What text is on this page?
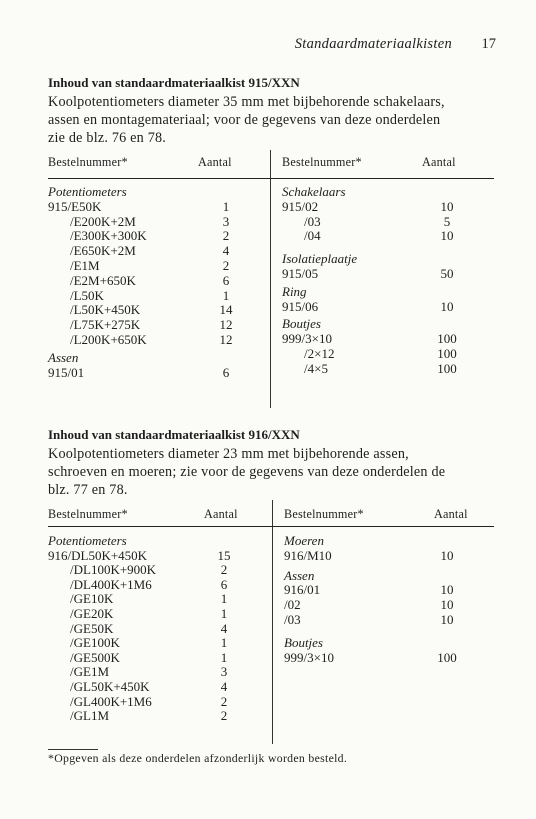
Standaardmateriaalkisten 17
Inhoud van standaardmateriaalkist 915/XXN

Koolpotentiometers diameter 35 mm met bijbehorende schakelaars,
assen en montagemateriaal; voor de gegevens van deze onderdelen
zie de blz. 76 en 78.

Bestelnummer*	Aantal	Bestelnummer*	Aantal
Potentiometers
915/E50K	1
/E200K+2M	3
/E300K+300K	2
/E650K+2M	4
/E1M	2
/E2M+650K	6
/L50K	1
/L50K+450K	14
/L75K+275K	12
/L200K+650K	12
Assen
915/01	6
Schakelaars
915/02	10
/03	5
/04	10
Isolatieplaatje
915/05	50
Ring
915/06	10
Boutjes
999/3×10	100
/2×12	100
/4×5	100
Inhoud van standaardmateriaalkist 916/XXN

Koolpotentiometers diameter 23 mm met bijbehorende assen,
schroeven en moeren; zie voor de gegevens van deze onderdelen de
blz. 77 en 78.

Bestelnummer*	Aantal	Bestelnummer*	Aantal
Potentiometers
916/DL50K+450K	15
/DL100K+900K	2
/DL400K+1M6	6
/GE10K	1
/GE20K	1
/GE50K	4
/GE100K	1
/GE500K	1
/GE1M	3
/GL50K+450K	4
/GL400K+1M6	2
/GL1M	2
Moeren
916/M10	10
Assen
916/01	10
/02	10
/03	10
Boutjes
999/3×10	100
*Opgeven als deze onderdelen afzonderlijk worden besteld.
